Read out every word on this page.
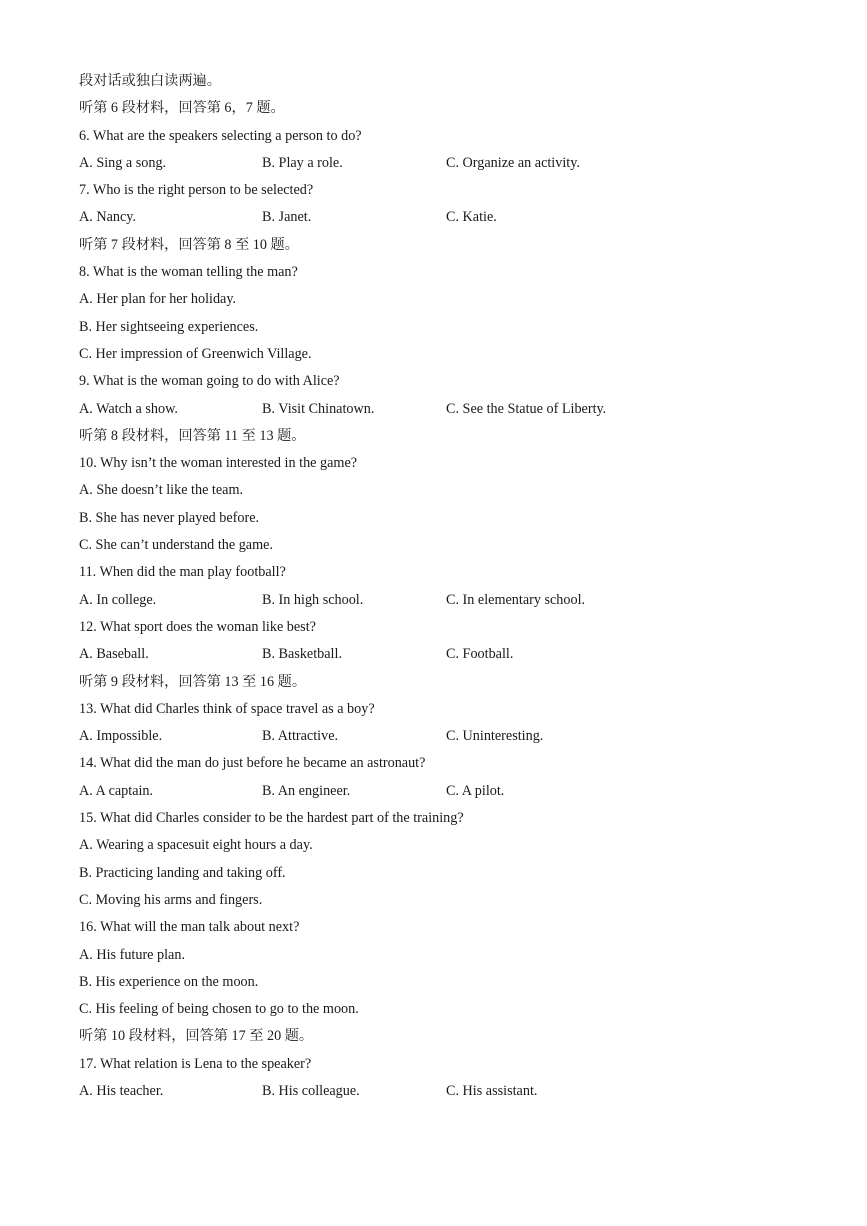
段对话或独白读两遍。
听第 6 段材料，回答第 6，7 题。
6. What are the speakers selecting a person to do?
A. Sing a song.	B. Play a role.	C. Organize an activity.
7. Who is the right person to be selected?
A. Nancy.	B. Janet.	C. Katie.
听第 7 段材料，回答第 8 至 10 题。
8. What is the woman telling the man?
A. Her plan for her holiday.
B. Her sightseeing experiences.
C. Her impression of Greenwich Village.
9. What is the woman going to do with Alice?
A. Watch a show.	B. Visit Chinatown.	C. See the Statue of Liberty.
听第 8 段材料，回答第 11 至 13 题。
10. Why isn’t the woman interested in the game?
A. She doesn’t like the team.
B. She has never played before.
C. She can’t understand the game.
11. When did the man play football?
A. In college.	B. In high school.	C. In elementary school.
12. What sport does the woman like best?
A. Baseball.	B. Basketball.	C. Football.
听第 9 段材料，回答第 13 至 16 题。
13. What did Charles think of space travel as a boy?
A. Impossible.	B. Attractive.	C. Uninteresting.
14. What did the man do just before he became an astronaut?
A. A captain.	B. An engineer.	C. A pilot.
15. What did Charles consider to be the hardest part of the training?
A. Wearing a spacesuit eight hours a day.
B. Practicing landing and taking off.
C. Moving his arms and fingers.
16. What will the man talk about next?
A. His future plan.
B. His experience on the moon.
C. His feeling of being chosen to go to the moon.
听第 10 段材料，回答第 17 至 20 题。
17. What relation is Lena to the speaker?
A. His teacher.	B. His colleague.	C. His assistant.
